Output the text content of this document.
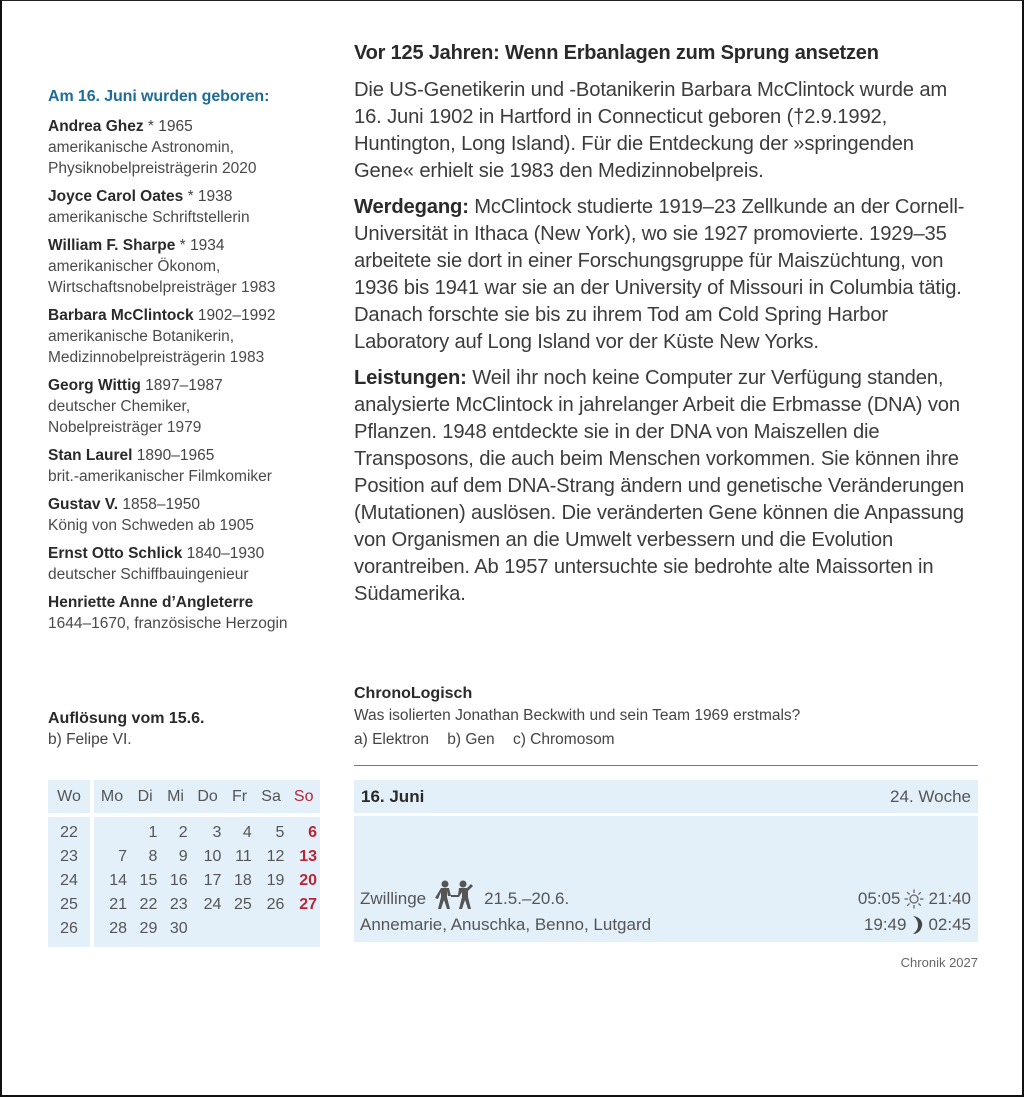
Am 16. Juni wurden geboren:
Andrea Ghez * 1965
amerikanische Astronomin,
Physiknobelpreisträgerin 2020
Joyce Carol Oates * 1938
amerikanische Schriftstellerin
William F. Sharpe * 1934
amerikanischer Ökonom,
Wirtschaftsnobelpreisträger 1983
Barbara McClintock 1902–1992
amerikanische Botanikerin,
Medizinnobelpreisträgerin 1983
Georg Wittig 1897–1987
deutscher Chemiker,
Nobelpreisträger 1979
Stan Laurel 1890–1965
brit.-amerikanischer Filmkomiker
Gustav V. 1858–1950
König von Schweden ab 1905
Ernst Otto Schlick 1840–1930
deutscher Schiffbauingenieur
Henriette Anne d’Angleterre
1644–1670, französische Herzogin
Auflösung vom 15.6.
b) Felipe VI.
Wo	Mo	Di	Mi	Do	Fr	Sa	So
22		1	2	3	4	5	6
23	7	8	9	10	11	12	13
24	14	15	16	17	18	19	20
25	21	22	23	24	25	26	27
26	28	29	30				
Vor 125 Jahren: Wenn Erbanlagen zum Sprung ansetzen

Die US-Genetikerin und -Botanikerin Barbara McClintock wurde am 16. Juni 1902 in Hartford in Connecticut geboren (†2.9.1992, Huntington, Long Island). Für die Entdeckung der »springenden Gene« erhielt sie 1983 den Medizinnobelpreis.

Werdegang: McClintock studierte 1919–23 Zellkunde an der Cornell-Universität in Ithaca (New York), wo sie 1927 promovierte. 1929–35 arbeitete sie dort in einer Forschungsgruppe für Maiszüchtung, von 1936 bis 1941 war sie an der University of Missouri in Columbia tätig. Danach forschte sie bis zu ihrem Tod am Cold Spring Harbor Laboratory auf Long Island vor der Küste New Yorks.

Leistungen: Weil ihr noch keine Computer zur Verfügung standen, analysierte McClintock in jahrelanger Arbeit die Erbmasse (DNA) von Pflanzen. 1948 entdeckte sie in der DNA von Maiszellen die Transposons, die auch beim Menschen vorkommen. Sie können ihre Position auf dem DNA-Strang ändern und genetische Veränderungen (Mutationen) auslösen. Die veränderten Gene können die Anpassung von Organismen an die Umwelt verbessern und die Evolution vorantreiben. Ab 1957 untersuchte sie bedrohte alte Maissorten in Südamerika.

ChronoLogisch
Was isolierten Jonathan Beckwith und sein Team 1969 erstmals?
a) Elektron b) Gen c) Chromosom
16. Juni	24. Woche
Zwillinge	21.5.–20.6.	05:05 21:40
Annemarie, Anuschka, Benno, Lutgard	19:49 02:45
Chronik 2027
